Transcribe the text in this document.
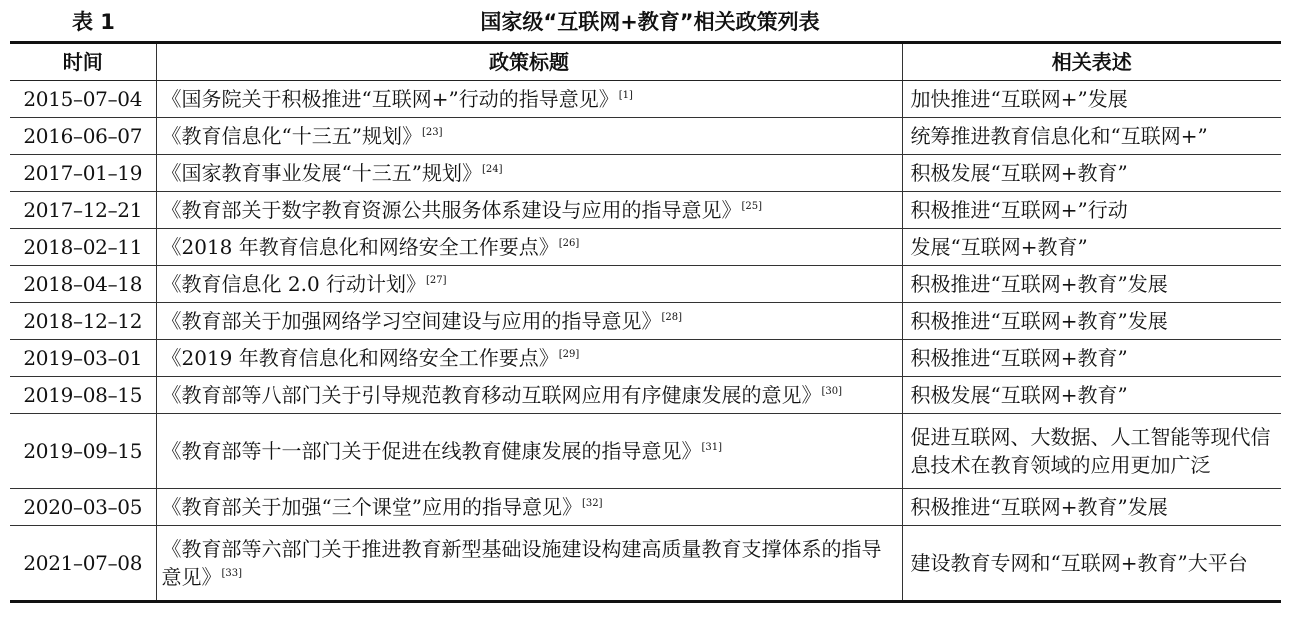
表 1	国家级“互联网+教育”相关政策列表
时间	政策标题	相关表述
2015–07–04	《国务院关于积极推进“互联网+”行动的指导意见》[1]	加快推进“互联网+”发展
2016–06–07	《教育信息化“十三五”规划》[23]	统筹推进教育信息化和“互联网+”
2017–01–19	《国家教育事业发展“十三五”规划》[24]	积极发展“互联网+教育”
2017–12–21	《教育部关于数字教育资源公共服务体系建设与应用的指导意见》[25]	积极推进“互联网+”行动
2018–02–11	《2018 年教育信息化和网络安全工作要点》[26]	发展“互联网+教育”
2018–04–18	《教育信息化 2.0 行动计划》[27]	积极推进“互联网+教育”发展
2018–12–12	《教育部关于加强网络学习空间建设与应用的指导意见》[28]	积极推进“互联网+教育”发展
2019–03–01	《2019 年教育信息化和网络安全工作要点》[29]	积极推进“互联网+教育”
2019–08–15	《教育部等八部门关于引导规范教育移动互联网应用有序健康发展的意见》[30]	积极发展“互联网+教育”
2019–09–15	《教育部等十一部门关于促进在线教育健康发展的指导意见》[31]	促进互联网、大数据、人工智能等现代信息技术在教育领域的应用更加广泛
2020–03–05	《教育部关于加强“三个课堂”应用的指导意见》[32]	积极推进“互联网+教育”发展
2021–07–08	《教育部等六部门关于推进教育新型基础设施建设构建高质量教育支撑体系的指导意见》[33]	建设教育专网和“互联网+教育”大平台
